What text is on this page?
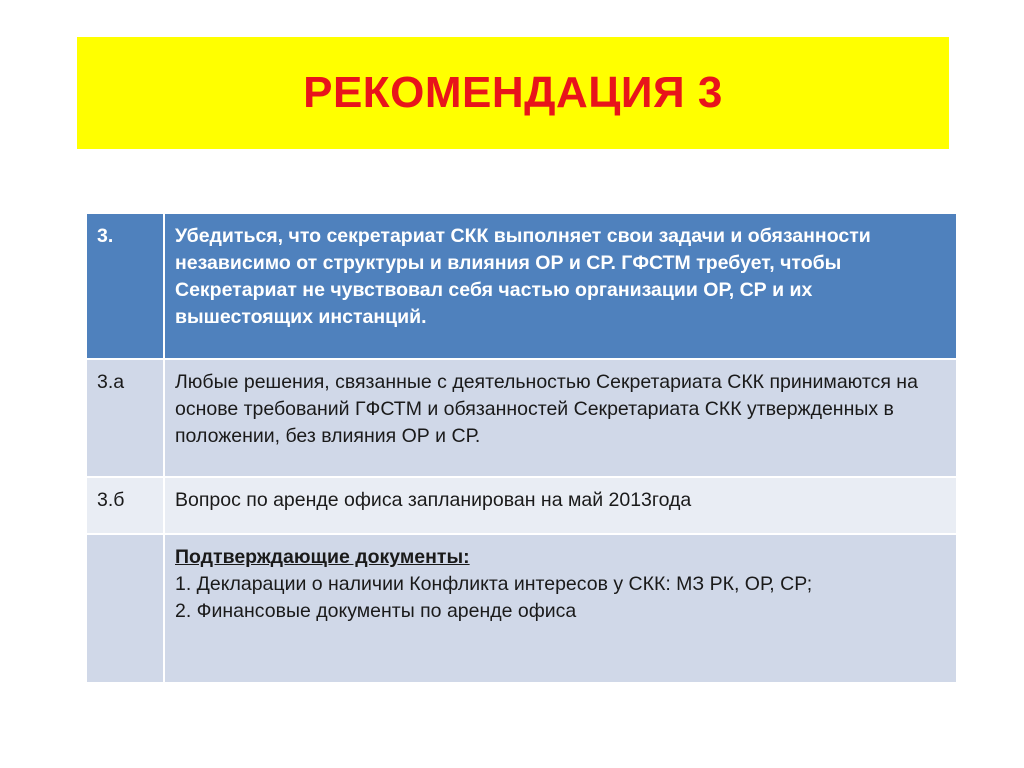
РЕКОМЕНДАЦИЯ 3
3.	Убедиться, что секретариат СКК выполняет свои задачи и обязанности независимо от структуры и влияния ОР и СР. ГФСТМ требует, чтобы Секретариат не чувствовал себя частью организации ОР, СР и их вышестоящих инстанций.
3.а	Любые решения, связанные с деятельностью Секретариата СКК принимаются на основе требований ГФСТМ и обязанностей Секретариата СКК утвержденных в положении, без влияния ОР и СР.
3.б	Вопрос по аренде офиса запланирован на май 2013года

	Подтверждающие документы:
1. Декларации о наличии Конфликта интересов у СКК: МЗ РК, ОР, СР;
2. Финансовые документы по аренде офиса
